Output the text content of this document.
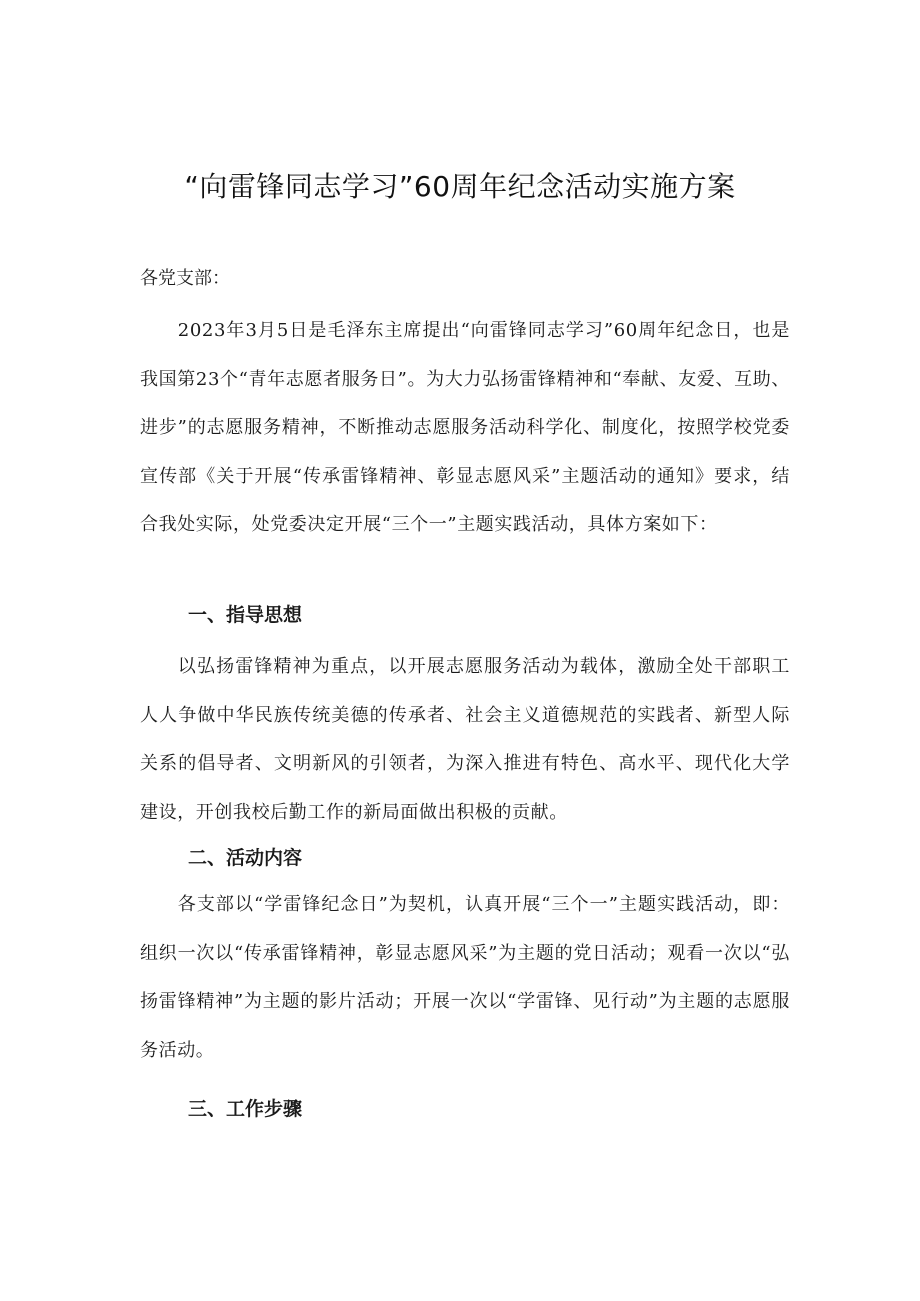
“向雷锋同志学习”60周年纪念活动实施方案
各党支部：
2023年3月5日是毛泽东主席提出“向雷锋同志学习”60周年纪念日，也是我国第23个“青年志愿者服务日”。为大力弘扬雷锋精神和“奉献、友爱、互助、进步”的志愿服务精神，不断推动志愿服务活动科学化、制度化，按照学校党委宣传部《关于开展“传承雷锋精神、彰显志愿风采”主题活动的通知》要求，结合我处实际，处党委决定开展“三个一”主题实践活动，具体方案如下：
一、指导思想
以弘扬雷锋精神为重点，以开展志愿服务活动为载体，激励全处干部职工人人争做中华民族传统美德的传承者、社会主义道德规范的实践者、新型人际关系的倡导者、文明新风的引领者，为深入推进有特色、高水平、现代化大学建设，开创我校后勤工作的新局面做出积极的贡献。
二、活动内容
各支部以“学雷锋纪念日”为契机，认真开展“三个一”主题实践活动，即：组织一次以“传承雷锋精神，彰显志愿风采”为主题的党日活动；观看一次以“弘扬雷锋精神”为主题的影片活动；开展一次以“学雷锋、见行动”为主题的志愿服务活动。
三、工作步骤
